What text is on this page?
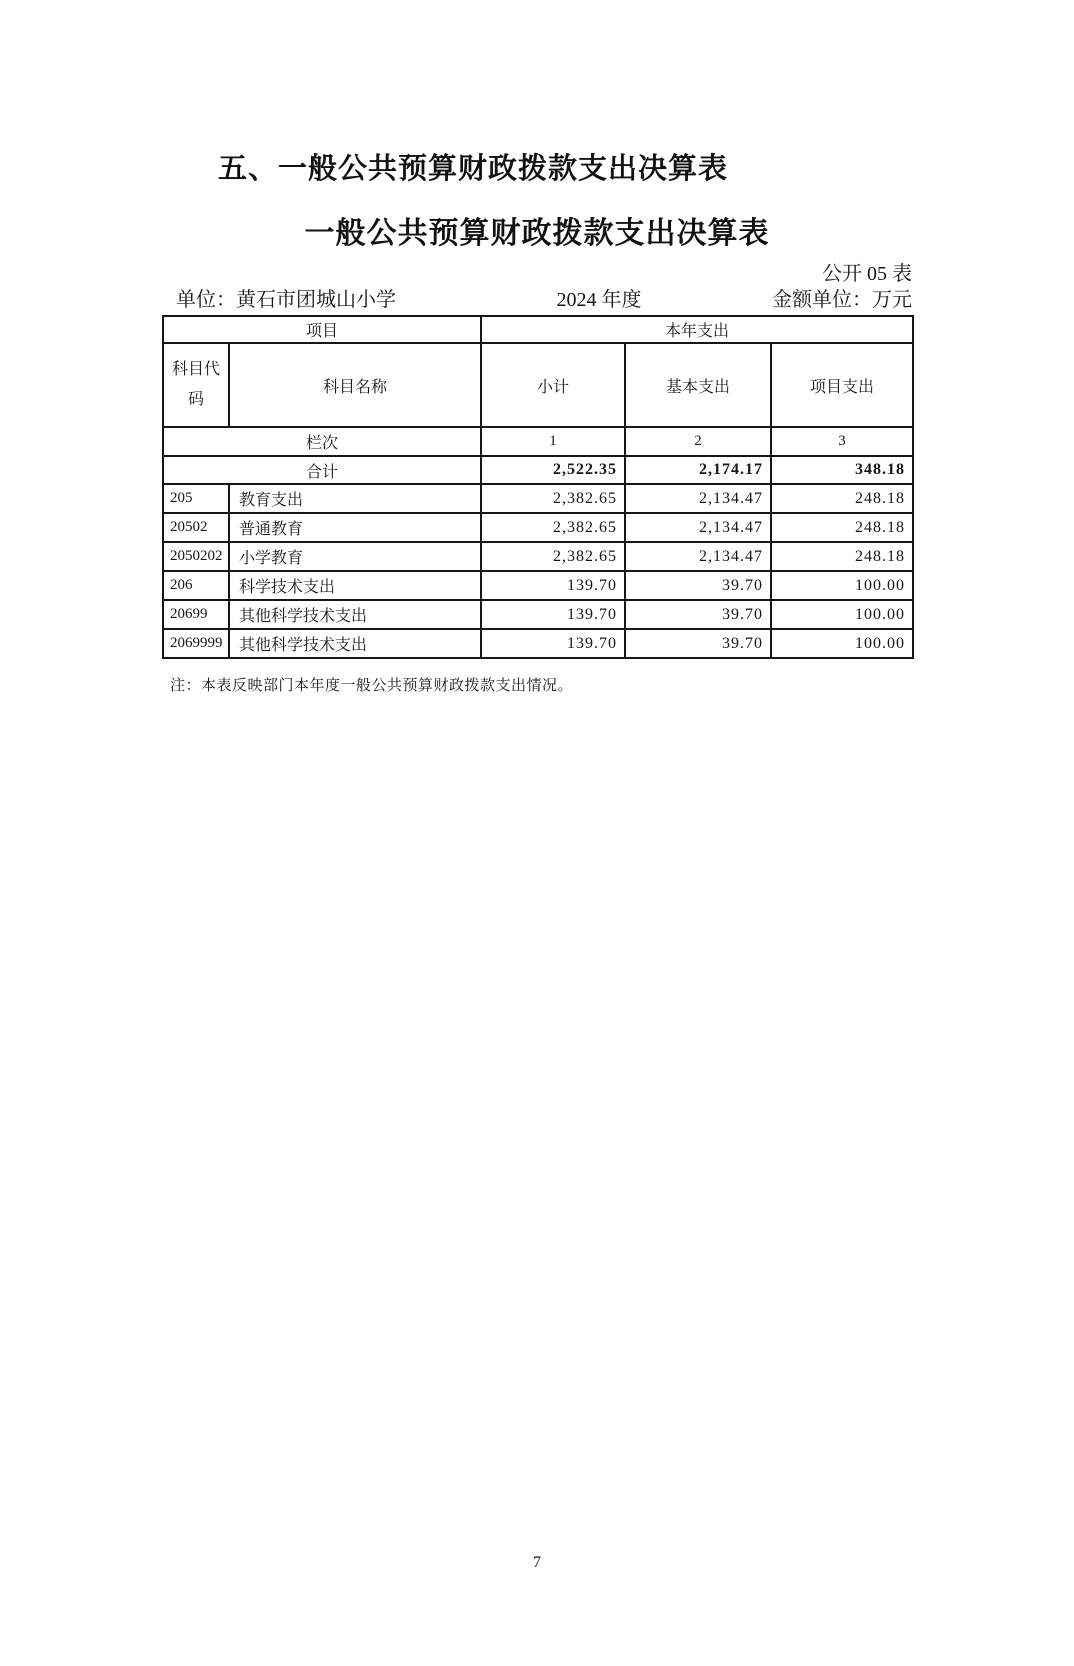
五、一般公共预算财政拨款支出决算表
一般公共预算财政拨款支出决算表
公开 05 表
单位：黄石市团城山小学	2024 年度	金额单位：万元
项目		本年支出		
科目代码	科目名称	小计	基本支出	项目支出
栏次		1	2	3
合计		2,522.35	2,174.17	348.18
205	教育支出	2,382.65	2,134.47	248.18
20502	普通教育	2,382.65	2,134.47	248.18
2050202	小学教育	2,382.65	2,134.47	248.18
206	科学技术支出	139.70	39.70	100.00
20699	其他科学技术支出	139.70	39.70	100.00
2069999	其他科学技术支出	139.70	39.70	100.00
注：本表反映部门本年度一般公共预算财政拨款支出情况。
7
